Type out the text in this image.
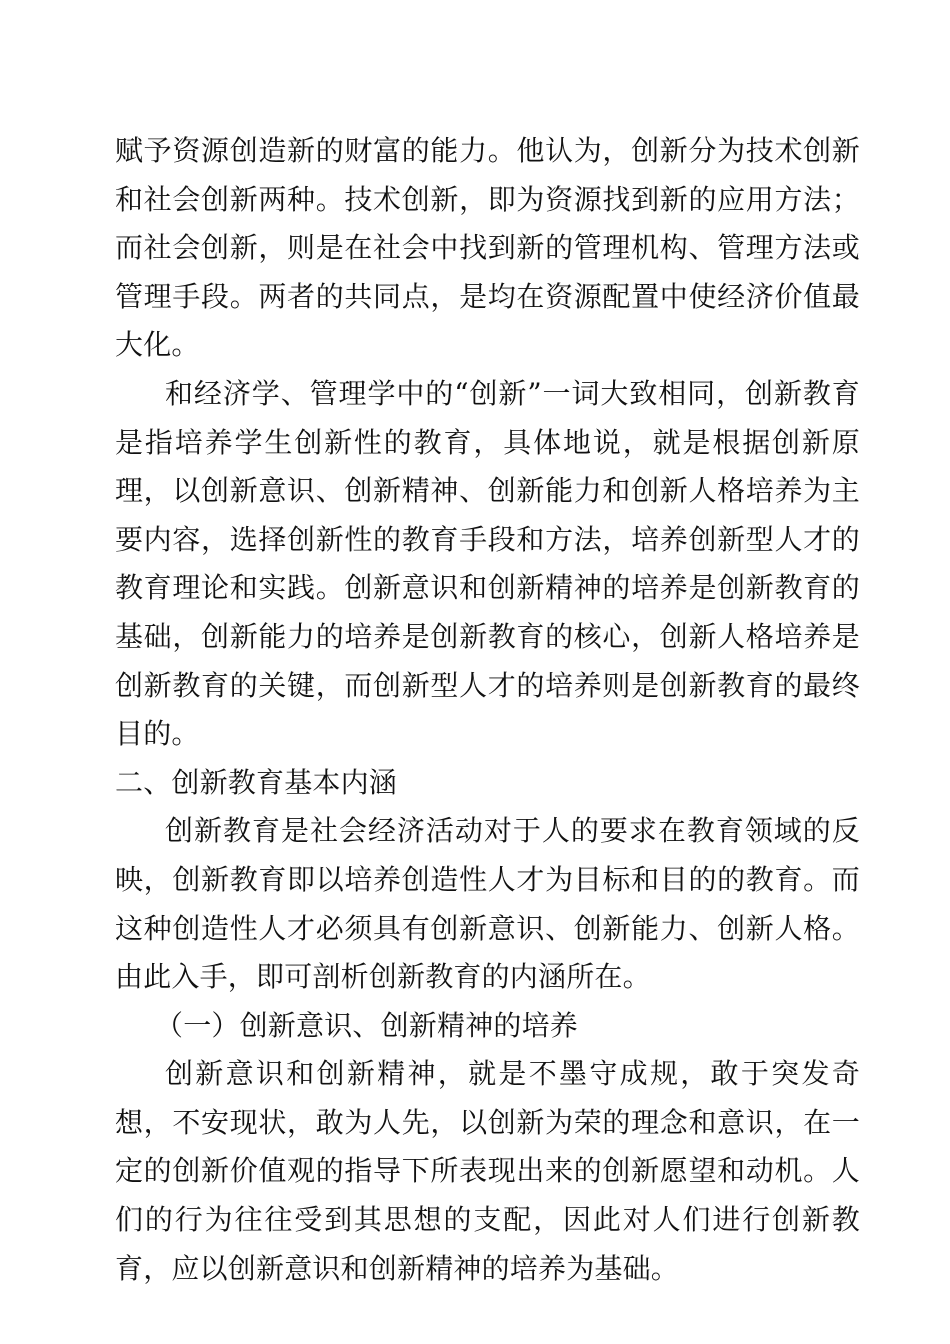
赋予资源创造新的财富的能力。他认为，创新分为技术创新和社会创新两种。技术创新，即为资源找到新的应用方法；而社会创新，则是在社会中找到新的管理机构、管理方法或管理手段。两者的共同点，是均在资源配置中使经济价值最大化。

和经济学、管理学中的“创新”一词大致相同，创新教育是指培养学生创新性的教育，具体地说，就是根据创新原理，以创新意识、创新精神、创新能力和创新人格培养为主要内容，选择创新性的教育手段和方法，培养创新型人才的教育理论和实践。创新意识和创新精神的培养是创新教育的基础，创新能力的培养是创新教育的核心，创新人格培养是创新教育的关键，而创新型人才的培养则是创新教育的最终目的。

二、创新教育基本内涵

创新教育是社会经济活动对于人的要求在教育领域的反映，创新教育即以培养创造性人才为目标和目的的教育。而这种创造性人才必须具有创新意识、创新能力、创新人格。由此入手，即可剖析创新教育的内涵所在。

（一）创新意识、创新精神的培养

创新意识和创新精神，就是不墨守成规，敢于突发奇想，不安现状，敢为人先，以创新为荣的理念和意识，在一定的创新价值观的指导下所表现出来的创新愿望和动机。人们的行为往往受到其思想的支配，因此对人们进行创新教育，应以创新意识和创新精神的培养为基础。
